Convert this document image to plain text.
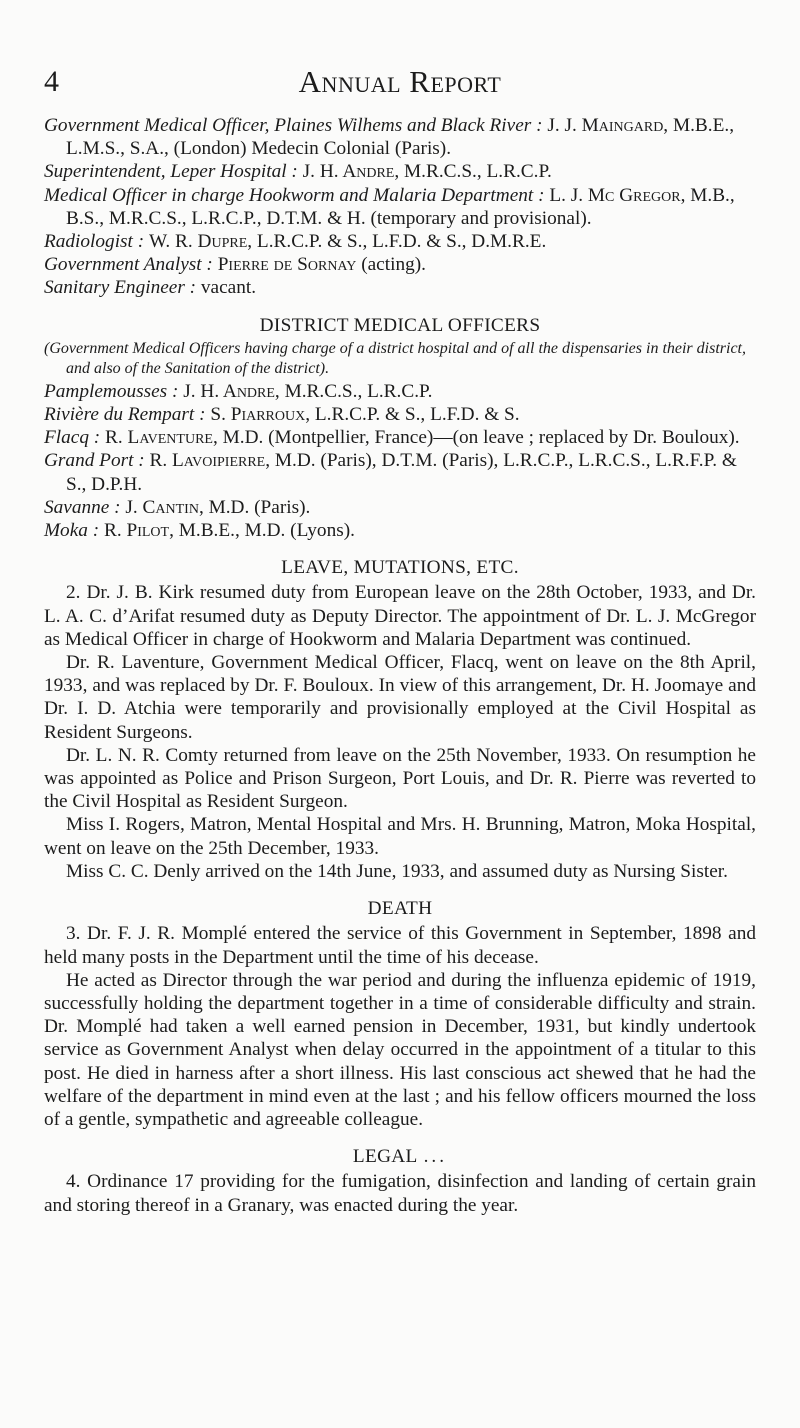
4	Annual Report

Government Medical Officer, Plaines Wilhems and Black River : J. J. Maingard, M.B.E., L.M.S., S.A., (London) Medecin Colonial (Paris).

Superintendent, Leper Hospital : J. H. Andre, M.R.C.S., L.R.C.P.

Medical Officer in charge Hookworm and Malaria Department : L. J. Mc Gregor, M.B., B.S., M.R.C.S., L.R.C.P., D.T.M. & H. (temporary and provisional).

Radiologist : W. R. Dupre, L.R.C.P. & S., L.F.D. & S., D.M.R.E.

Government Analyst : Pierre de Sornay (acting).

Sanitary Engineer : vacant.

DISTRICT MEDICAL OFFICERS

(Government Medical Officers having charge of a district hospital and of all the dispensaries in their district, and also of the Sanitation of the district).

Pamplemousses : J. H. Andre, M.R.C.S., L.R.C.P.

Rivière du Rempart : S. Piarroux, L.R.C.P. & S., L.F.D. & S.

Flacq : R. Laventure, M.D. (Montpellier, France)—(on leave ; replaced by Dr. Bouloux).

Grand Port : R. Lavoipierre, M.D. (Paris), D.T.M. (Paris), L.R.C.P., L.R.C.S., L.R.F.P. & S., D.P.H.

Savanne : J. Cantin, M.D. (Paris).

Moka : R. Pilot, M.B.E., M.D. (Lyons).

LEAVE, MUTATIONS, ETC.

2. Dr. J. B. Kirk resumed duty from European leave on the 28th October, 1933, and Dr. L. A. C. d’Arifat resumed duty as Deputy Director. The appointment of Dr. L. J. McGregor as Medical Officer in charge of Hookworm and Malaria Department was continued.

Dr. R. Laventure, Government Medical Officer, Flacq, went on leave on the 8th April, 1933, and was replaced by Dr. F. Bouloux. In view of this arrangement, Dr. H. Joomaye and Dr. I. D. Atchia were temporarily and provisionally employed at the Civil Hospital as Resident Surgeons.

Dr. L. N. R. Comty returned from leave on the 25th November, 1933. On resumption he was appointed as Police and Prison Surgeon, Port Louis, and Dr. R. Pierre was reverted to the Civil Hospital as Resident Surgeon.

Miss I. Rogers, Matron, Mental Hospital and Mrs. H. Brunning, Matron, Moka Hospital, went on leave on the 25th December, 1933.

Miss C. C. Denly arrived on the 14th June, 1933, and assumed duty as Nursing Sister.

DEATH

3. Dr. F. J. R. Momplé entered the service of this Government in September, 1898 and held many posts in the Department until the time of his decease.

He acted as Director through the war period and during the influenza epidemic of 1919, successfully holding the department together in a time of considerable difficulty and strain. Dr. Momplé had taken a well earned pension in December, 1931, but kindly undertook service as Government Analyst when delay occurred in the appointment of a titular to this post. He died in harness after a short illness. His last conscious act shewed that he had the welfare of the department in mind even at the last ; and his fellow officers mourned the loss of a gentle, sympathetic and agreeable colleague.

LEGAL ...

4. Ordinance 17 providing for the fumigation, disinfection and landing of certain grain and storing thereof in a Granary, was enacted during the year.
